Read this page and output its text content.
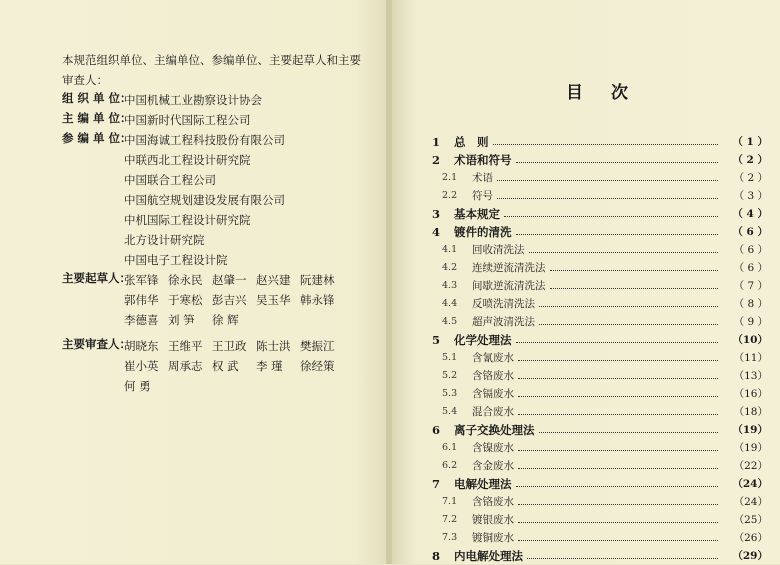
本规范组织单位、主编单位、参编单位、主要起草人和主要审查人：
组 织 单 位：
中国机械工业勘察设计协会
主 编 单 位：
中国新时代国际工程公司
参 编 单 位：
中国海诚工程科技股份有限公司
中联西北工程设计研究院
中国联合工程公司
中国航空规划建设发展有限公司
中机国际工程设计研究院
北方设计研究院
中国电子工程设计院
主要起草人：
张军锋 徐永民 赵肇一 赵兴建 阮建林
郭伟华 于寒松 彭吉兴 吴玉华 韩永锋
李德喜 刘 笋	徐 辉
主要审查人：
胡晓东 王维平 王卫政 陈士洪 樊振江
崔小英 周承志 权 武	李 瑾	徐经策
何 勇
目次
1	总　则	（ 1 ）
2	术语和符号	（ 2 ）
2.1	术语	（ 2 ）
2.2	符号	（ 3 ）
3	基本规定	（ 4 ）
4	镀件的清洗	（ 6 ）
4.1	回收清洗法	（ 6 ）
4.2	连续逆流清洗法	（ 6 ）
4.3	间歇逆流清洗法	（ 7 ）
4.4	反喷洗清洗法	（ 8 ）
4.5	超声波清洗法	（ 9 ）
5	化学处理法	（10）
5.1	含氰废水	（11）
5.2	含铬废水	（13）
5.3	含镉废水	（16）
5.4	混合废水	（18）
6	离子交换处理法	（19）
6.1	含镍废水	（19）
6.2	含金废水	（22）
7	电解处理法	（24）
7.1	含铬废水	（24）
7.2	镀银废水	（25）
7.3	镀铜废水	（26）
8	内电解处理法	（29）
